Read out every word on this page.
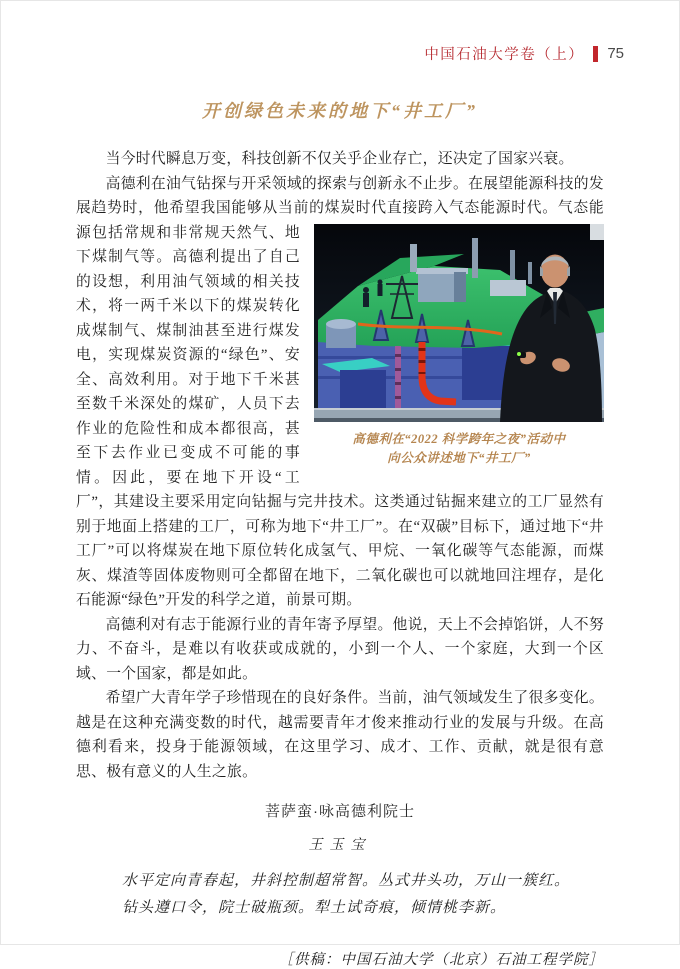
中国石油大学卷（上） 75
开创绿色未来的地下“井工厂”

当今时代瞬息万变，科技创新不仅关乎企业存亡，还决定了国家兴衰。

高德利在油气钻探与开采领域的探索与创新永不止步。在展望能源科技的发展趋势时，他希望我国能够从当前的煤炭时代直接跨入气态能源时代。气态能源包括常规和
高德利在“2022 科学跨年之夜”活动中
向公众讲述地下“井工厂”
非常规天然气、地下煤制气等。高德利提出了自己的设想，利用油气领域的相关技术，将一两千米以下的煤炭转化成煤制气、煤制油甚至进行煤发电，实现煤炭资源的“绿色”、安全、高效利用。对于地下千米甚至数千米深处的煤矿，人员下去作业的危险性和成本都很高，甚至下去作业已变成不可能的事情。因此，要在地下开设“工厂”，其建设主要采用定向钻掘与完井技术。这类通过钻掘来建立的工厂显然有别于地面上搭建的工厂，可称为地下“井工厂”。在“双碳”目标下，通过地下“井工厂”可以将煤炭在地下原位转化成氢气、甲烷、一氧化碳等气态能源，而煤灰、煤渣等固体废物则可全都留在地下，二氧化碳也可以就地回注埋存，是化石能源“绿色”开发的科学之道，前景可期。

高德利对有志于能源行业的青年寄予厚望。他说，天上不会掉馅饼，人不努力、不奋斗，是难以有收获或成就的，小到一个人、一个家庭，大到一个区域、一个国家，都是如此。

希望广大青年学子珍惜现在的良好条件。当前，油气领域发生了很多变化。越是在这种充满变数的时代，越需要青年才俊来推动行业的发展与升级。在高德利看来，投身于能源领域，在这里学习、成才、工作、贡献，就是很有意思、极有意义的人生之旅。

菩萨蛮·咏高德利院士
王玉宝
水平定向青春起，井斜控制超常智。丛式井头功，万山一簇红。
钻头遵口令，院士破瓶颈。犁土试奇痕，倾情桃李新。
［供稿：中国石油大学（北京）石油工程学院］
